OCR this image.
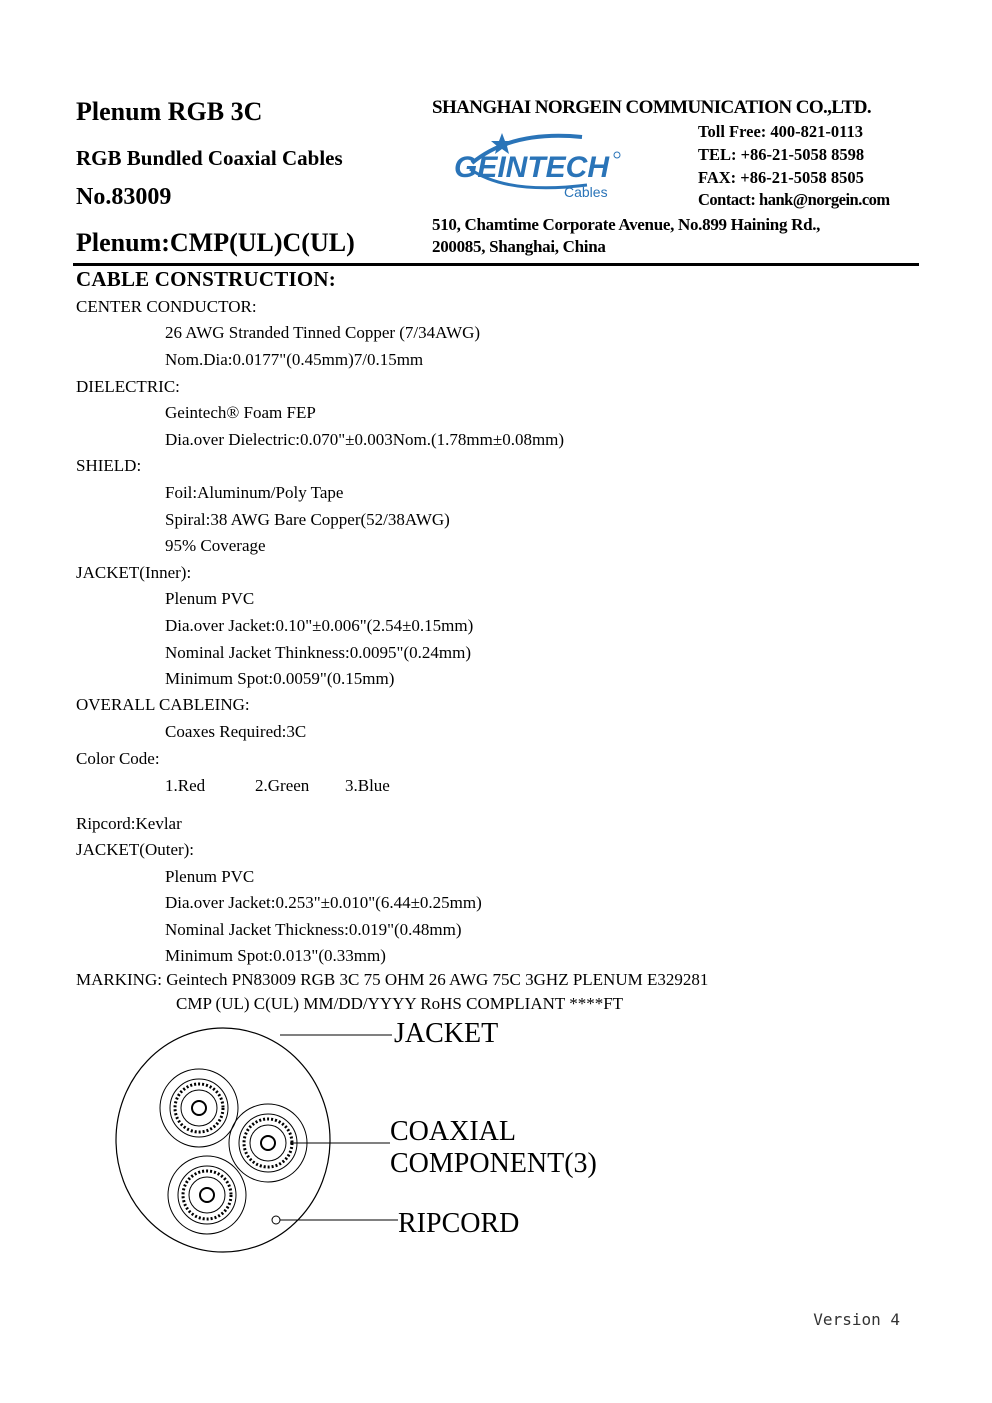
Plenum RGB 3C
RGB Bundled Coaxial Cables
No.83009
Plenum:CMP(UL)C(UL)
SHANGHAI NORGEIN COMMUNICATION CO.,LTD.
GEINTECH
Cables
Toll Free: 400-821-0113
TEL: +86-21-5058 8598
FAX: +86-21-5058 8505
Contact: hank@norgein.com
510, Chamtime Corporate Avenue, No.899 Haining Rd.,
200085, Shanghai, China
CABLE CONSTRUCTION:
CENTER CONDUCTOR:
26 AWG Stranded Tinned Copper (7/34AWG)
Nom.Dia:0.0177"(0.45mm)7/0.15mm
DIELECTRIC:
Geintech® Foam FEP
Dia.over Dielectric:0.070"±0.003Nom.(1.78mm±0.08mm)
SHIELD:
Foil:Aluminum/Poly Tape
Spiral:38 AWG Bare Copper(52/38AWG)
95% Coverage
JACKET(Inner):
Plenum PVC
Dia.over Jacket:0.10"±0.006"(2.54±0.15mm)
Nominal Jacket Thinkness:0.0095"(0.24mm)
Minimum Spot:0.0059"(0.15mm)
OVERALL CABLEING:
Coaxes Required:3C
Color Code:
1.Red	2.Green 3.Blue
Ripcord:Kevlar
JACKET(Outer):
Plenum PVC
Dia.over Jacket:0.253"±0.010"(6.44±0.25mm)
Nominal Jacket Thickness:0.019"(0.48mm)
Minimum Spot:0.013"(0.33mm)
MARKING: Geintech PN83009 RGB 3C 75 OHM 26 AWG 75C 3GHZ PLENUM E329281
CMP (UL) C(UL) MM/DD/YYYY RoHS COMPLIANT ****FT
JACKET
COAXIAL
COMPONENT(3)
RIPCORD
Version 4
